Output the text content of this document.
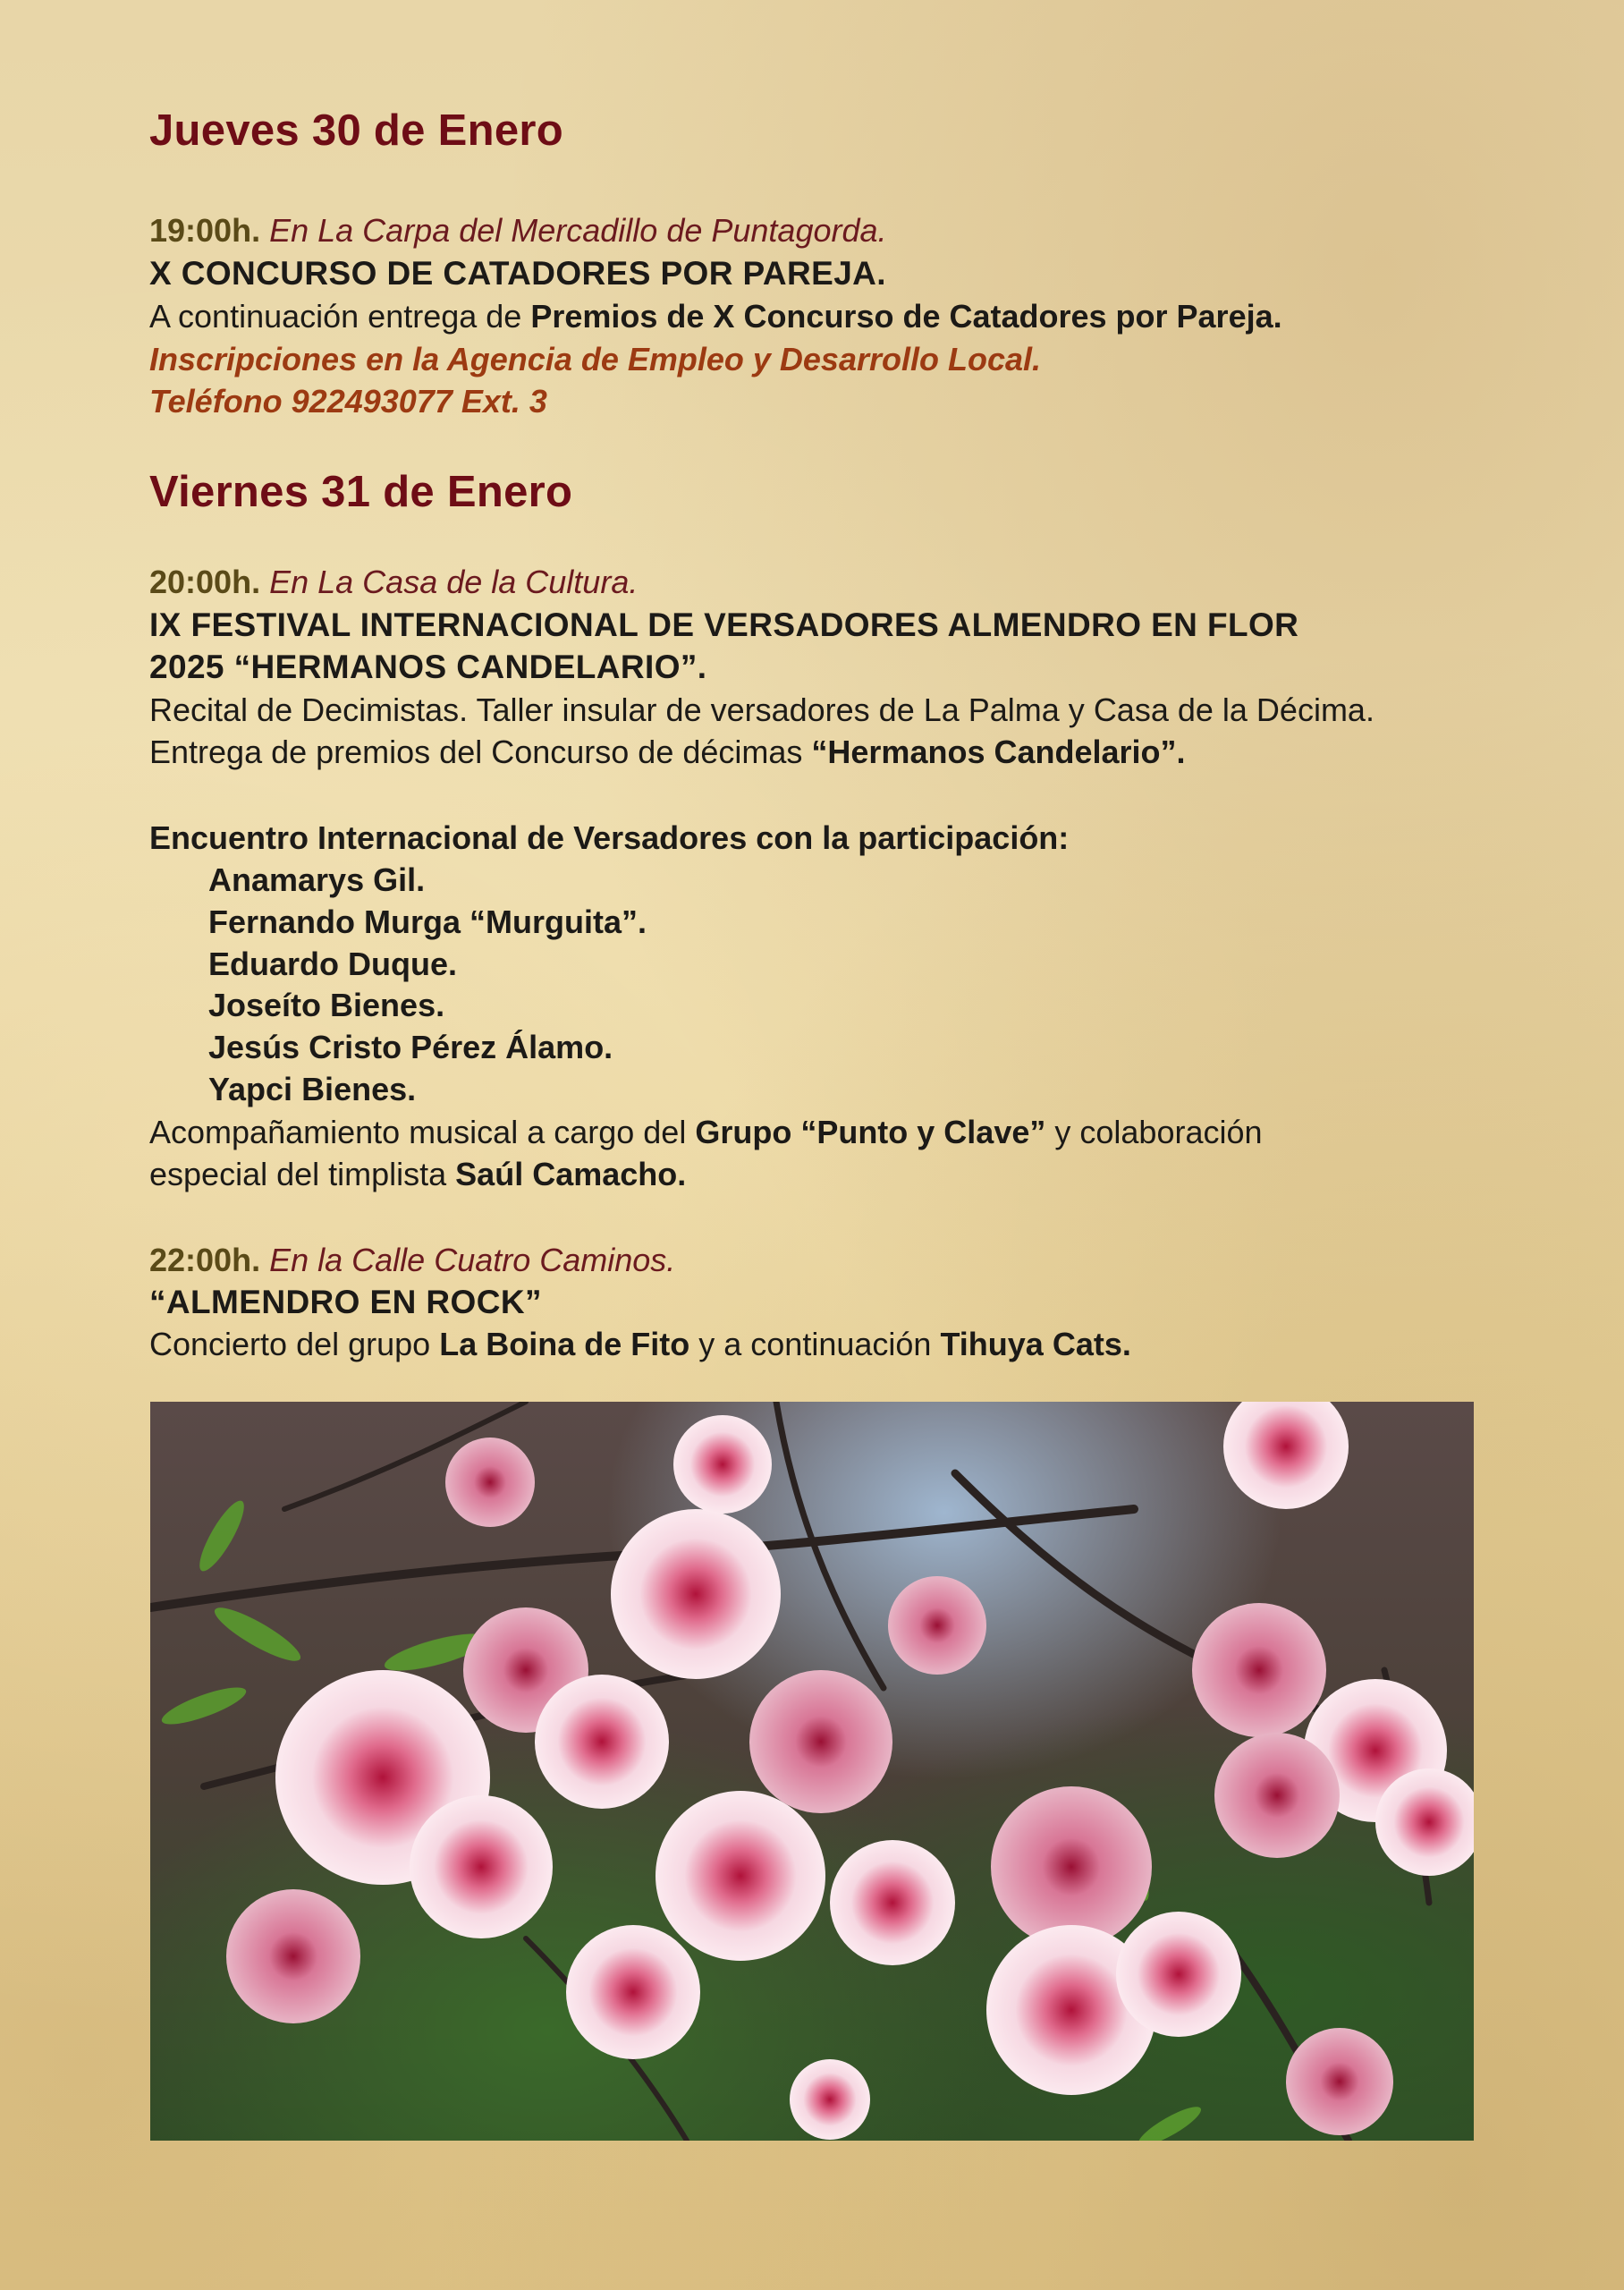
Jueves 30 de Enero
19:00h. En La Carpa del Mercadillo de Puntagorda.
X CONCURSO DE CATADORES POR PAREJA.
A continuación entrega de Premios de X Concurso de Catadores por Pareja.
Inscripciones en la Agencia de Empleo y Desarrollo Local.
Teléfono 922493077 Ext. 3
Viernes 31 de Enero
20:00h. En La Casa de la Cultura.
IX FESTIVAL INTERNACIONAL DE VERSADORES ALMENDRO EN FLOR
2025 “HERMANOS CANDELARIO”.
Recital de Decimistas. Taller insular de versadores de La Palma y Casa de la Décima.
Entrega de premios del Concurso de décimas “Hermanos Candelario”.
Encuentro Internacional de Versadores con la participación:
Anamarys Gil.
Fernando Murga “Murguita”.
Eduardo Duque.
Joseíto Bienes.
Jesús Cristo Pérez Álamo.
Yapci Bienes.
Acompañamiento musical a cargo del Grupo “Punto y Clave” y colaboración
especial del timplista Saúl Camacho.
22:00h. En la Calle Cuatro Caminos.
“ALMENDRO EN ROCK”
Concierto del grupo La Boina de Fito y a continuación Tihuya Cats.
